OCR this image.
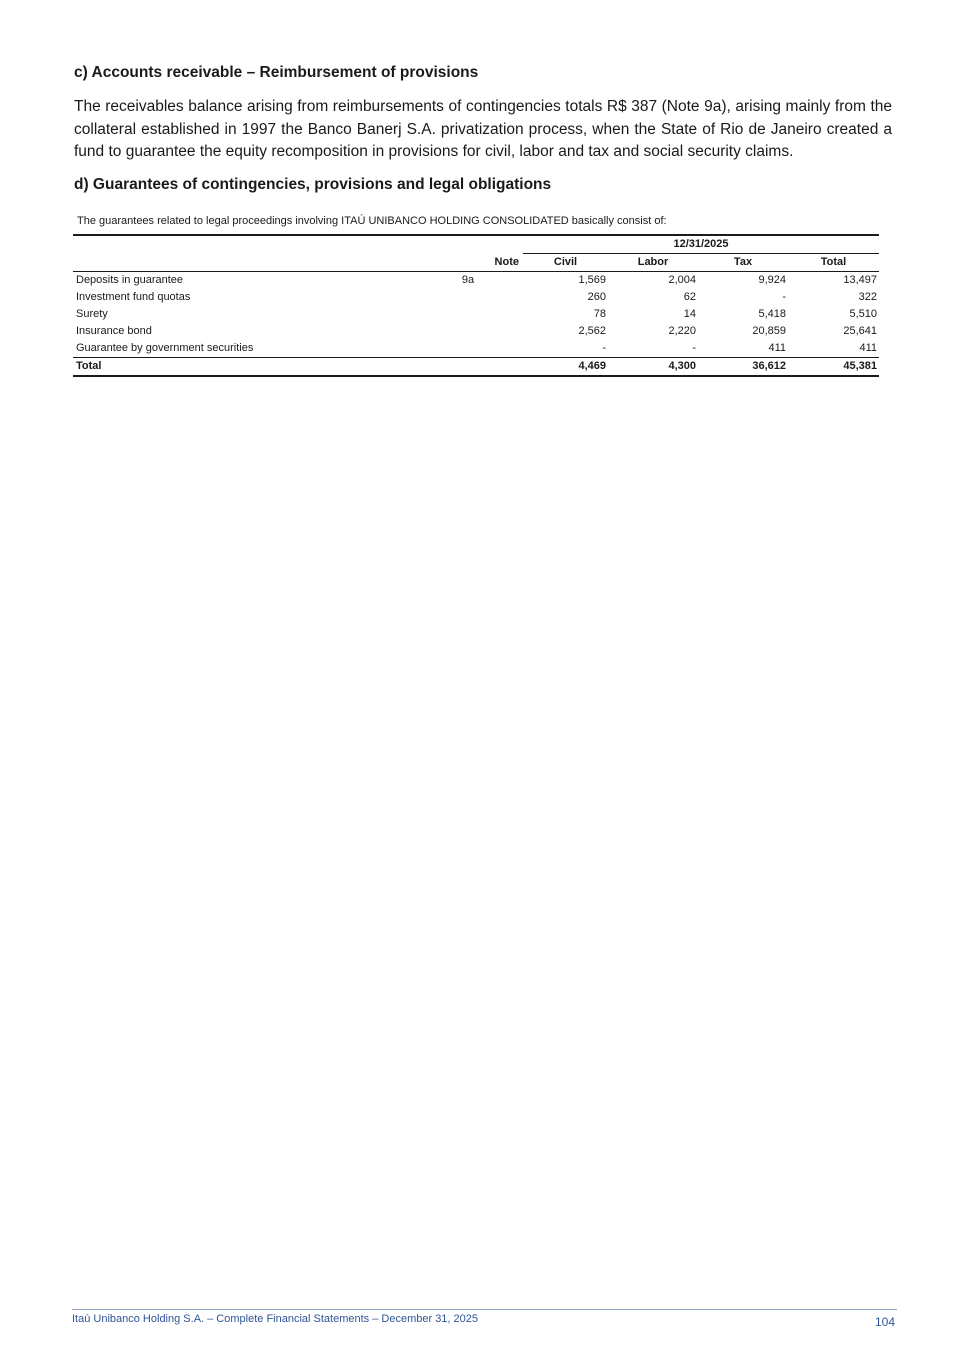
c) Accounts receivable – Reimbursement of provisions

The receivables balance arising from reimbursements of contingencies totals R$ 387 (Note 9a), arising mainly from the collateral established in 1997 the Banco Banerj S.A. privatization process, when the State of Rio de Janeiro created a fund to guarantee the equity recomposition in provisions for civil, labor and tax and social security claims.

d) Guarantees of contingencies, provisions and legal obligations

The guarantees related to legal proceedings involving ITAÚ UNIBANCO HOLDING CONSOLIDATED basically consist of:

		12/31/2025			
	Note	Civil	Labor	Tax	Total
Deposits in guarantee	9a	1,569	2,004	9,924	13,497
Investment fund quotas		260	62	-	322
Surety		78	14	5,418	5,510
Insurance bond		2,562	2,220	20,859	25,641
Guarantee by government securities		-	-	411	411
Total		4,469	4,300	36,612	45,381

Itaú Unibanco Holding S.A. – Complete Financial Statements – December 31, 2025	104
